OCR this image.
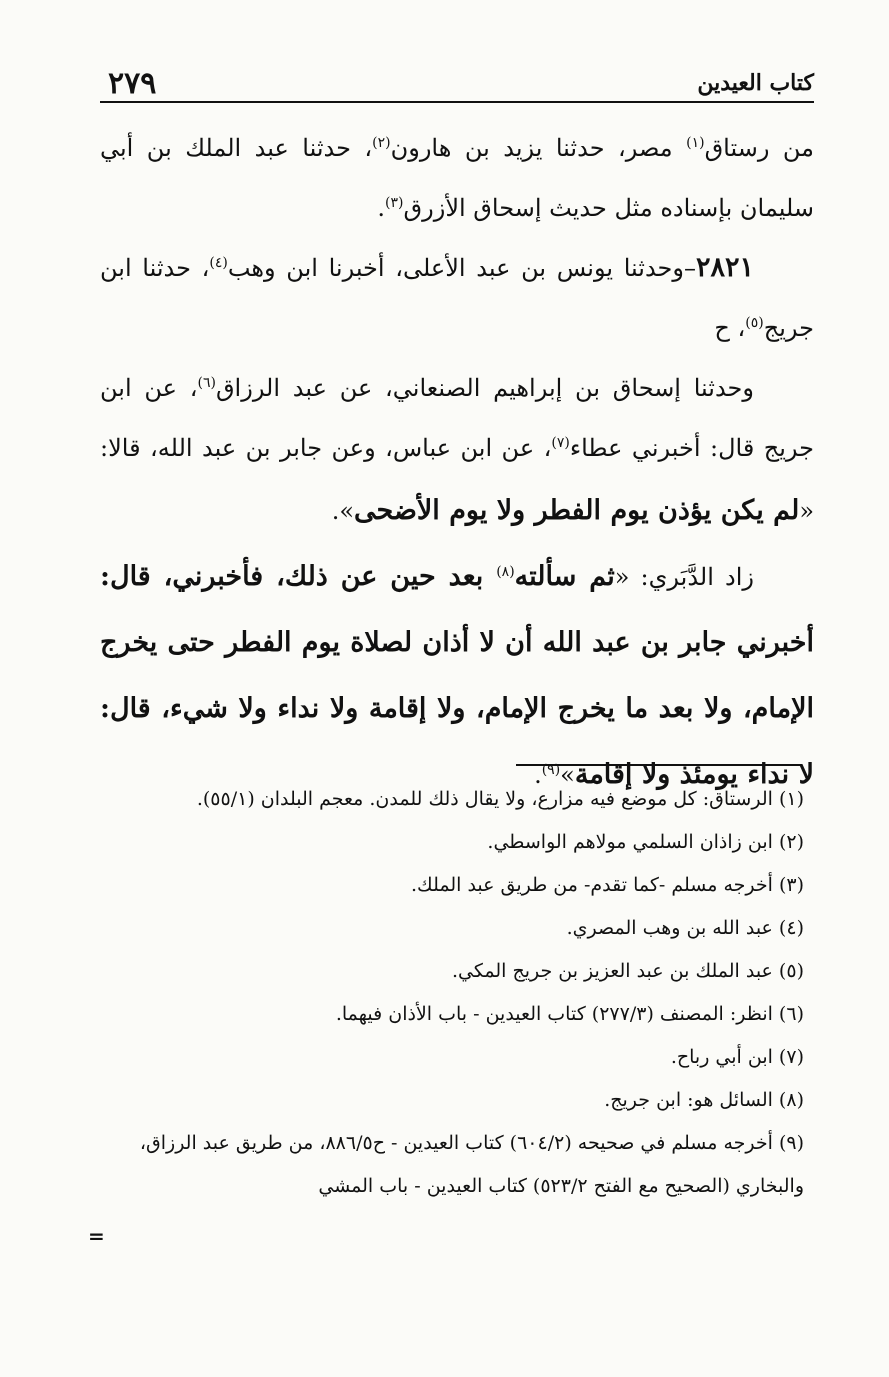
كتاب العيدين
٢٧٩

من رستاق$^{(١)}$ مصر، حدثنا يزيد بن هارون$^{(٢)}$، حدثنا عبد الملك بن أبي سليمان بإسناده مثل حديث إسحاق الأزرق$^{(٣)}$.

٢٨٢١–وحدثنا يونس بن عبد الأعلى، أخبرنا ابن وهب$^{(٤)}$، حدثنا ابن جريج$^{(٥)}$، ح

وحدثنا إسحاق بن إبراهيم الصنعاني، عن عبد الرزاق$^{(٦)}$، عن ابن جريج قال: أخبرني عطاء$^{(٧)}$، عن ابن عباس، وعن جابر بن عبد الله، قالا: «لم يكن يؤذن يوم الفطر ولا يوم الأضحى».

زاد الدَّبَري: «ثم سألته$^{(٨)}$ بعد حين عن ذلك، فأخبرني، قال: أخبرني جابر بن عبد الله أن لا أذان لصلاة يوم الفطر حتى يخرج الإمام، ولا بعد ما يخرج الإمام، ولا إقامة ولا نداء ولا شيء، قال: لا نداء يومئذ ولا إقامة»$^{(٩)}$.

(١) الرستاق: كل موضع فيه مزارع، ولا يقال ذلك للمدن. معجم البلدان (٥٥/١).

(٢) ابن زاذان السلمي مولاهم الواسطي.

(٣) أخرجه مسلم -كما تقدم- من طريق عبد الملك.

(٤) عبد الله بن وهب المصري.

(٥) عبد الملك بن عبد العزيز بن جريج المكي.

(٦) انظر: المصنف (٢٧٧/٣) كتاب العيدين - باب الأذان فيهما.

(٧) ابن أبي رباح.

(٨) السائل هو: ابن جريج.

(٩) أخرجه مسلم في صحيحه (٦٠٤/٢) كتاب العيدين - ح٨٨٦/٥، من طريق عبد الرزاق، والبخاري (الصحيح مع الفتح ٥٢٣/٢) كتاب العيدين - باب المشي

=
